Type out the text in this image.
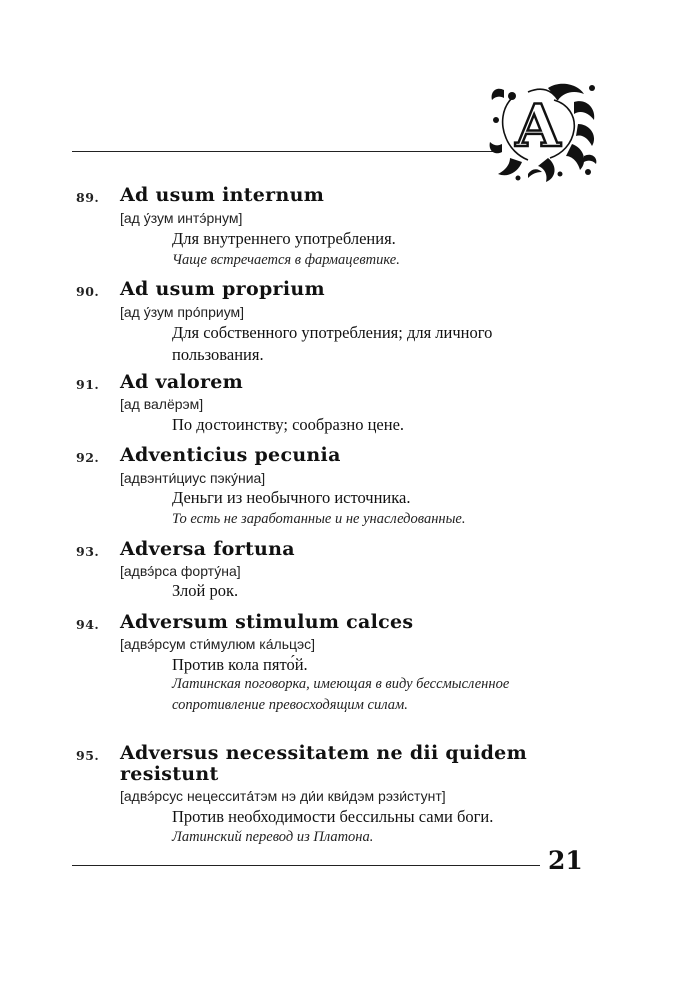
A
89.	Ad usum internum
[ад у́зум интэ́рнум]
Для внутреннего употребления.
Чаще встречается в фармацевтике.
90.	Ad usum proprium
[ад у́зум про́приум]
Для собственного употребления; для личного пользования.
91.	Ad valorem
[ад валёрэм]
По достоинству; сообразно цене.
92.	Adventicius pecunia
[адвэнти́циус пэку́ниа]
Деньги из необычного источника.
То есть не заработанные и не унаследованные.
93.	Adversa fortuna
[адвэ́рса форту́на]
Злой рок.
94.	Adversum stimulum calces
[адвэ́рсум сти́мулюм ка́льцэс]
Против кола пято́й.
Латинская поговорка, имеющая в виду бессмысленное сопротивление превосходящим силам.
95.	Adversus necessitatem ne dii quidem resistunt
[адвэ́рсус нецесситá́тэм нэ ди́и кви́дэм рэзи́стунт]
Против необходимости бессильны сами боги.
Латинский перевод из Платона.
21
